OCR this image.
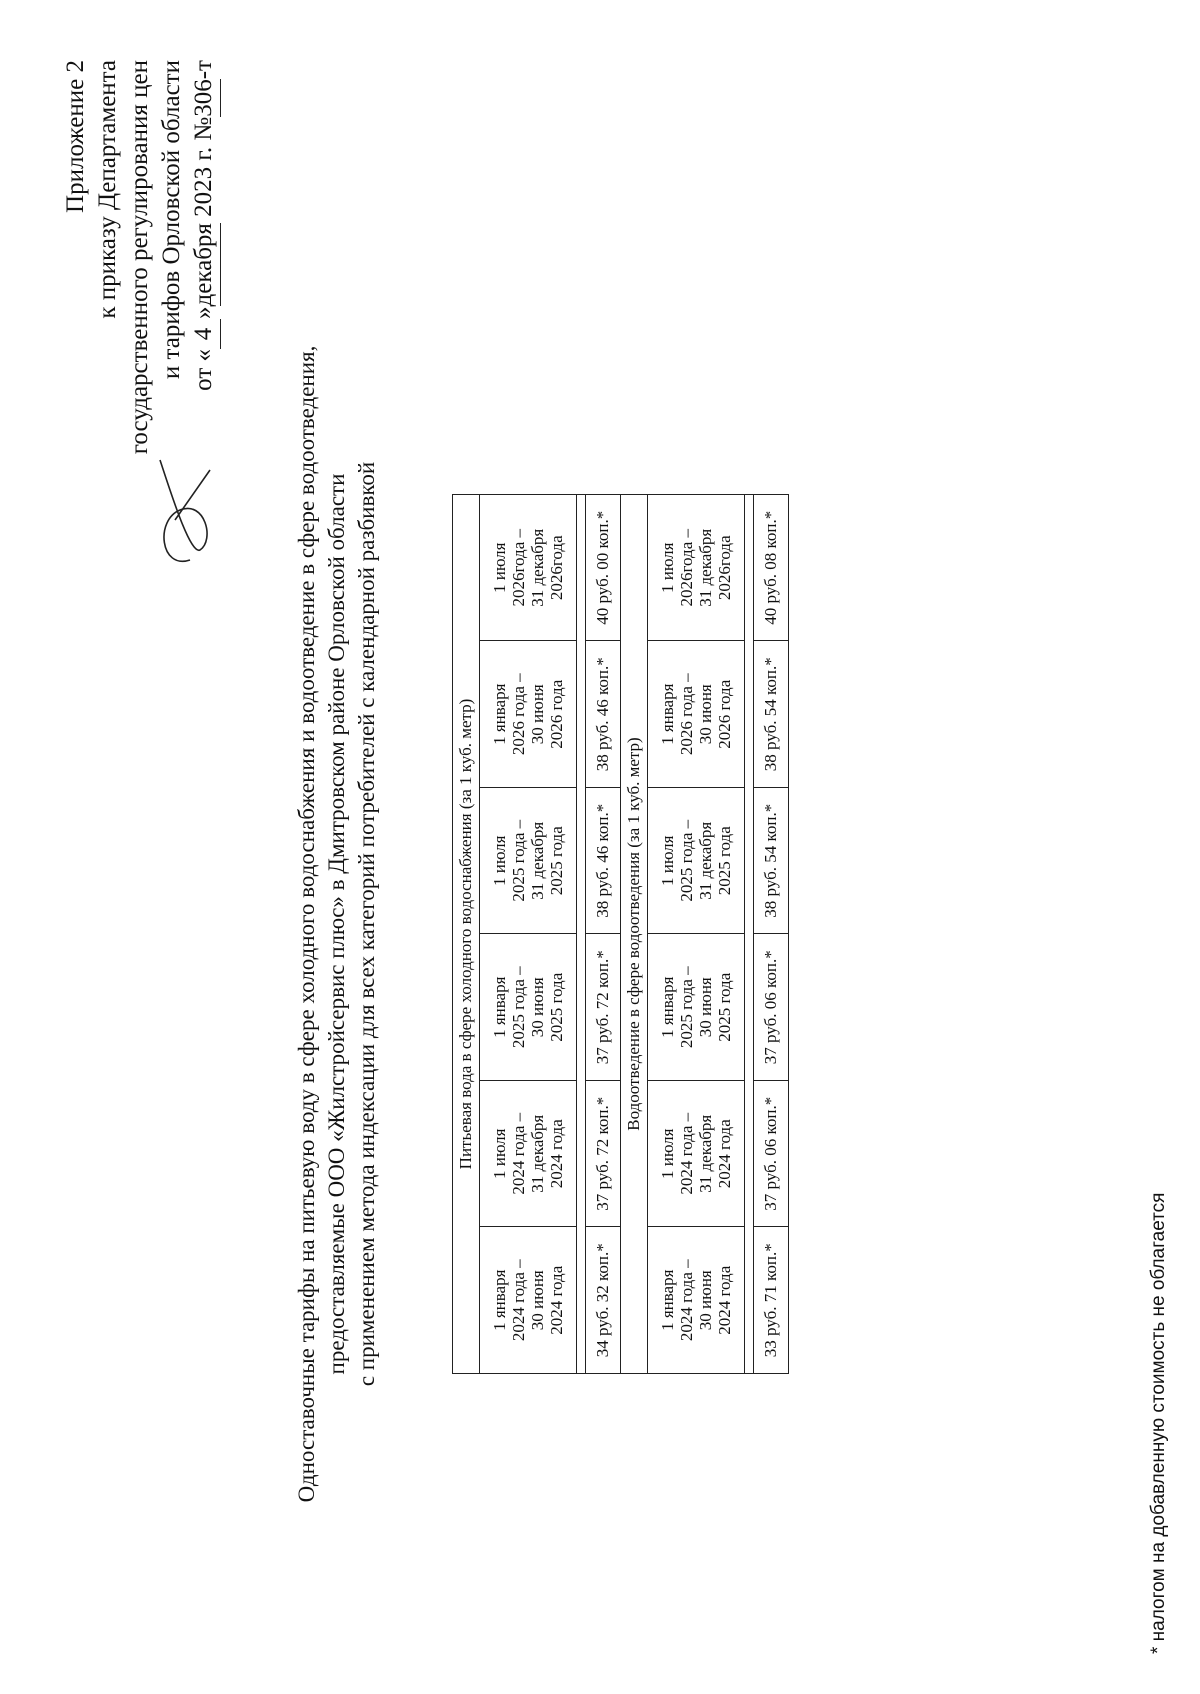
Приложение 2 к приказу Департамента государственного регулирования цен и тарифов Орловской области от «4»декабря 2023 г. №306-т
Одноставочные тарифы на питьевую воду в сфере холодного водоснабжения и водоотведение в сфере водоотведения, предоставляемые ООО «Жилстройсервис плюс» в Дмитровском районе Орловской области с применением метода индексации для всех категорий потребителей с календарной разбивкой	Питьевая вода в сфере холодного водоснабжения (за 1 куб. метр)					
1 января
2024 года –
30 июня
2024 года	1 июля
2024 года –
31 декабря
2024 года	1 января
2025 года –
30 июня
2025 года	1 июля
2025 года –
31 декабря
2025 года	1 января
2026 года –
30 июня
2026 года	1 июля
2026года –
31 декабря
2026года

34 руб. 32 коп.*	37 руб. 72 коп.*	37 руб. 72 коп.*	38 руб. 46 коп.*	38 руб. 46 коп.*	40 руб. 00 коп.*
Водоотведение в сфере водоотведения (за 1 куб. метр)					
1 января
2024 года –
30 июня
2024 года	1 июля
2024 года –
31 декабря
2024 года	1 января
2025 года –
30 июня
2025 года	1 июля
2025 года –
31 декабря
2025 года	1 января
2026 года –
30 июня
2026 года	1 июля
2026года –
31 декабря
2026года

33 руб. 71 коп.*	37 руб. 06 коп.*	37 руб. 06 коп.*	38 руб. 54 коп.*	38 руб. 54 коп.*	40 руб. 08 коп.*
* налогом на добавленную стоимость не облагается
